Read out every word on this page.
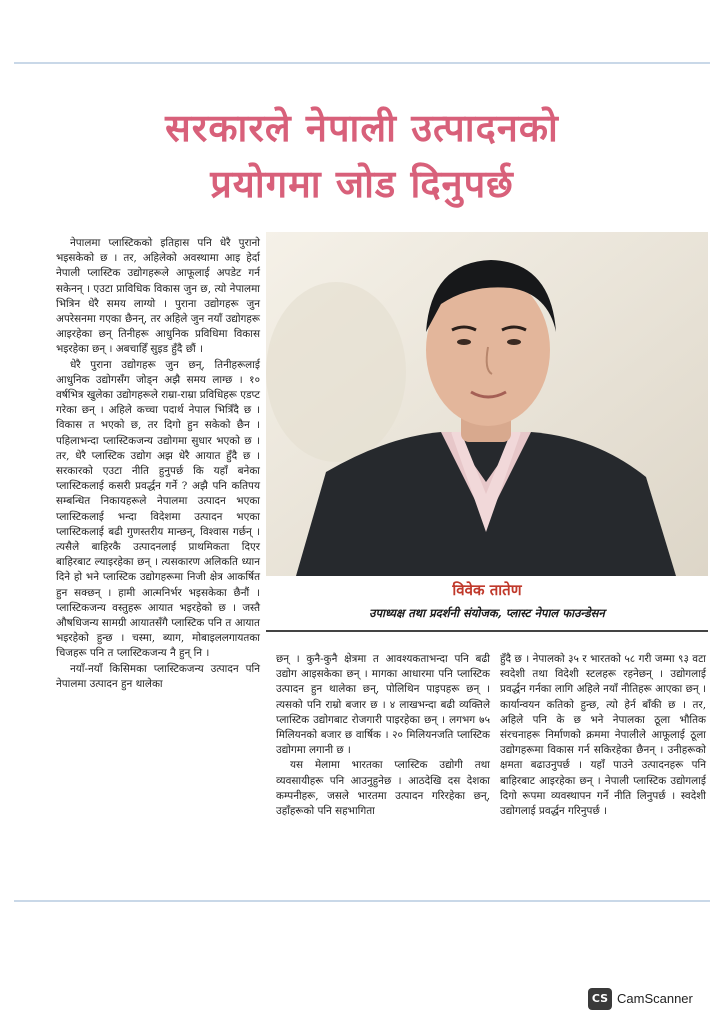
सरकारले नेपाली उत्पादनको
प्रयोगमा जोड दिनुपर्छ

नेपालमा प्लास्टिकको इतिहास पनि धेरै पुरानो भइसकेको छ । तर, अहिलेको अवस्थामा आइ हेर्दा नेपाली प्लास्टिक उद्योगहरूले आफूलाई अपडेट गर्न सकेनन् । एउटा प्राविधिक विकास जुन छ, त्यो नेपालमा भित्रिन धेरै समय लाग्यो । पुराना उद्योगहरू जुन अपरेसनमा गएका छैनन्, तर अहिले जुन नयाँ उद्योगहरू आइरहेका छन् तिनीहरू आधुनिक प्रविधिमा विकास भइरहेका छन् । अबचाहिँ सुइड हुँदै छौं ।

धेरै पुराना उद्योगहरू जुन छन्, तिनीहरूलाई आधुनिक उद्योगसँग जोड्न अझै समय लाग्छ । १० वर्षभित्र खुलेका उद्योगहरूले राम्रा-राम्रा प्रविधिहरू एडप्ट गरेका छन् । अहिले कच्चा पदार्थ नेपाल भित्रिँदै छ । विकास त भएको छ, तर दिगो हुन सकेको छैन । पहिलाभन्दा प्लास्टिकजन्य उद्योगमा सुधार भएको छ । तर, धेरै प्लास्टिक उद्योग अझ धेरै आयात हुँदै छ । सरकारको एउटा नीति हुनुपर्छ कि यहाँ बनेका प्लास्टिकलाई कसरी प्रवर्द्धन गर्ने ? अझै पनि कतिपय सम्बन्धित निकायहरूले नेपालमा उत्पादन भएका प्लास्टिकलाई भन्दा विदेशमा उत्पादन भएका प्लास्टिकलाई बढी गुणस्तरीय मान्छन्, विश्वास गर्छन् । त्यसैले बाहिरकै उत्पादनलाई प्राथमिकता दिएर बाहिरबाट ल्याइरहेका छन् । त्यसकारण अलिकति ध्यान दिने हो भने प्लास्टिक उद्योगहरूमा निजी क्षेत्र आकर्षित हुन सक्छन् । हामी आत्मनिर्भर भइसकेका छैनौं । प्लास्टिकजन्य वस्तुहरू आयात भइरहेको छ । जस्तै औषधिजन्य सामग्री आयातसँगै प्लास्टिक पनि त आयात भइरहेको हुन्छ । चस्मा, ब्याग, मोबाइललगायतका चिजहरू पनि त प्लास्टिकजन्य नै हुन् नि ।

नयाँ-नयाँ किसिमका प्लास्टिकजन्य उत्पादन पनि नेपालमा उत्पादन हुन थालेका

विवेक तातेण
उपाध्यक्ष तथा प्रदर्शनी संयोजक, प्लास्ट नेपाल फाउन्डेसन

छन् । कुनै-कुनै क्षेत्रमा त आवश्यकताभन्दा पनि बढी उद्योग आइसकेका छन् । मागका आधारमा पनि प्लास्टिक उत्पादन हुन थालेका छन्, पोलिथिन पाइपहरू छन् । त्यसको पनि राम्रो बजार छ । ४ लाखभन्दा बढी व्यक्तिले प्लास्टिक उद्योगबाट रोजगारी पाइरहेका छन् । लगभग ७५ मिलियनको बजार छ वार्षिक । २० मिलियनजति प्लास्टिक उद्योगमा लगानी छ ।

यस मेलामा भारतका प्लास्टिक उद्योगी तथा व्यवसायीहरू पनि आउनुहुनेछ । आठदेखि दस देशका कम्पनीहरू, जसले भारतमा उत्पादन गरिरहेका छन्, उहाँहरूको पनि सहभागिता

हुँदै छ । नेपालको ३५ र भारतको ५८ गरी जम्मा ९३ वटा स्वदेशी तथा विदेशी स्टलहरू रहनेछन् । उद्योगलाई प्रवर्द्धन गर्नका लागि अहिले नयाँ नीतिहरू आएका छन् । कार्यान्वयन कतिको हुन्छ, त्यो हेर्न बाँकी छ । तर, अहिले पनि के छ भने नेपालका ठूला भौतिक संरचनाहरू निर्माणको क्रममा नेपालीले आफूलाई ठूला उद्योगहरूमा विकास गर्न सकिरहेका छैनन् । उनीहरूको क्षमता बढाउनुपर्छ । यहाँ पाउने उत्पादनहरू पनि बाहिरबाट आइरहेका छन् । नेपाली प्लास्टिक उद्योगलाई दिगो रूपमा व्यवस्थापन गर्ने नीति लिनुपर्छ । स्वदेशी उद्योगलाई प्रवर्द्धन गरिनुपर्छ ।

CS CamScanner
